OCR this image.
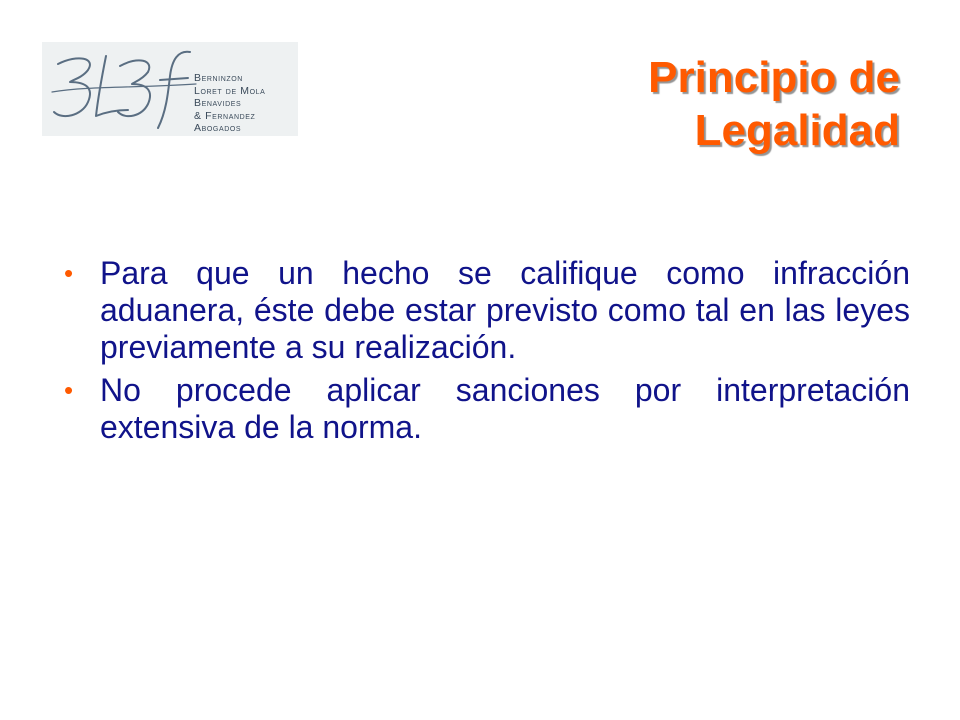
Berninzon
Loret de Mola
Benavides
& Fernandez
Abogados
Principio de
Legalidad
• Para que un hecho se califique como infracción aduanera, éste debe estar previsto como tal en las leyes previamente a su realización.
• No procede aplicar sanciones por interpretación extensiva de la norma.
